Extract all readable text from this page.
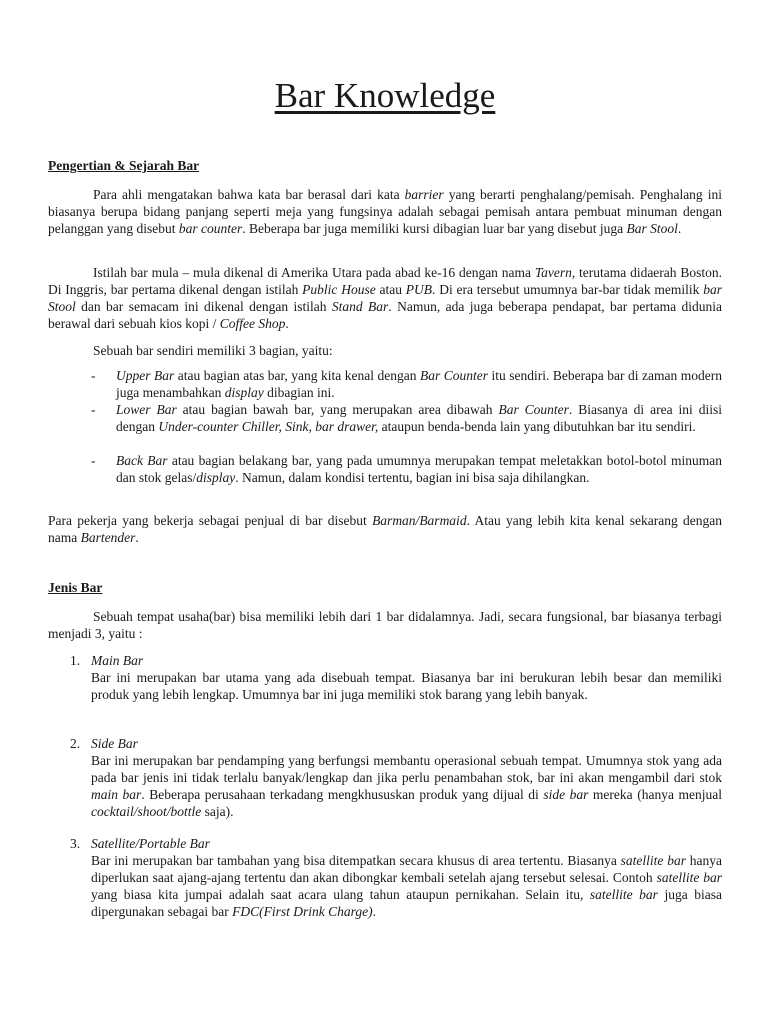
Bar Knowledge
Pengertian & Sejarah Bar
Para ahli mengatakan bahwa kata bar berasal dari kata barrier yang berarti penghalang/pemisah. Penghalang ini biasanya berupa bidang panjang seperti meja yang fungsinya adalah sebagai pemisah antara pembuat minuman dengan pelanggan yang disebut bar counter. Beberapa bar juga memiliki kursi dibagian luar bar yang disebut juga Bar Stool.
Istilah bar mula – mula dikenal di Amerika Utara pada abad ke-16 dengan nama Tavern, terutama didaerah Boston. Di Inggris, bar pertama dikenal dengan istilah Public House atau PUB. Di era tersebut umumnya bar-bar tidak memilik bar Stool dan bar semacam ini dikenal dengan istilah Stand Bar. Namun, ada juga beberapa pendapat, bar pertama didunia berawal dari sebuah kios kopi / Coffee Shop.
Sebuah bar sendiri memiliki 3 bagian, yaitu:
- Upper Bar atau bagian atas bar, yang kita kenal dengan Bar Counter itu sendiri. Beberapa bar di zaman modern juga menambahkan display dibagian ini.
- Lower Bar atau bagian bawah bar, yang merupakan area dibawah Bar Counter. Biasanya di area ini diisi dengan Under-counter Chiller, Sink, bar drawer, ataupun benda-benda lain yang dibutuhkan bar itu sendiri.
- Back Bar atau bagian belakang bar, yang pada umumnya merupakan tempat meletakkan botol-botol minuman dan stok gelas/display. Namun, dalam kondisi tertentu, bagian ini bisa saja dihilangkan.
Para pekerja yang bekerja sebagai penjual di bar disebut Barman/Barmaid. Atau yang lebih kita kenal sekarang dengan nama Bartender.
Jenis Bar
Sebuah tempat usaha(bar) bisa memiliki lebih dari 1 bar didalamnya. Jadi, secara fungsional, bar biasanya terbagi menjadi 3, yaitu :
1. Main Bar
Bar ini merupakan bar utama yang ada disebuah tempat. Biasanya bar ini berukuran lebih besar dan memiliki produk yang lebih lengkap. Umumnya bar ini juga memiliki stok barang yang lebih banyak.
2. Side Bar
Bar ini merupakan bar pendamping yang berfungsi membantu operasional sebuah tempat. Umumnya stok yang ada pada bar jenis ini tidak terlalu banyak/lengkap dan jika perlu penambahan stok, bar ini akan mengambil dari stok main bar. Beberapa perusahaan terkadang mengkhususkan produk yang dijual di side bar mereka (hanya menjual cocktail/shoot/bottle saja).
3. Satellite/Portable Bar
Bar ini merupakan bar tambahan yang bisa ditempatkan secara khusus di area tertentu. Biasanya satellite bar hanya diperlukan saat ajang-ajang tertentu dan akan dibongkar kembali setelah ajang tersebut selesai. Contoh satellite bar yang biasa kita jumpai adalah saat acara ulang tahun ataupun pernikahan. Selain itu, satellite bar juga biasa dipergunakan sebagai bar FDC(First Drink Charge).
